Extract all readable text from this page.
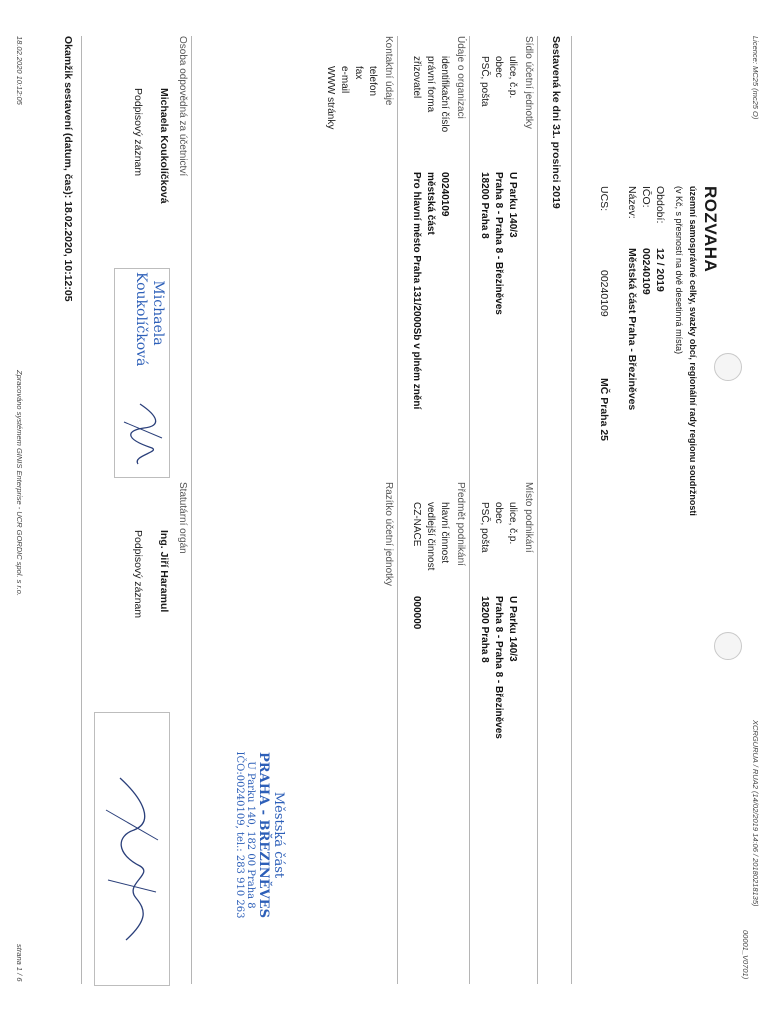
Licence: MC25 (mc25 O)
XCRGURUA / RUA2 (14/02/2019 14:06 / 20180218135)
00001_V0701)
ROZVAHA
územní samosprávné celky, svazky obcí, regionální rady regionu soudržnosti
(v Kč, s přesností na dvě desetinná místa)
Období:
12 / 2019
IČO:
00240109
Název:
Městská část Praha - Březiněves
UCS:
00240109
MČ Praha 25
Sestavená ke dni 31. prosinci 2019
Sídlo účetní jednotky
Místo podnikání
ulice, č.p.
U Parku 140/3
obec
Praha 8 - Praha 8 - Březiněves
PSČ, pošta
18200 Praha 8
ulice, č.p.
U Parku 140/3
obec
Praha 8 - Praha 8 - Březiněves
PSČ, pošta
18200 Praha 8
Údaje o organizaci
Předmět podnikání
identifikační číslo
00240109
právní forma
městská část
zřizovatel
Pro hlavní město Praha 131/2000Sb v plném znění
hlavní činnost
vedlejší činnost
CZ-NACE
000000
Kontaktní údaje
Razítko účetní jednotky
telefon
fax
e-mail
WWW stránky
Městská část
PRAHA - BŘEZINĚVES
U Parku 140, 182 00 Praha 8
IČO:00240109, tel.: 283 910 263
Osoba odpovědná za účetnictví
Statutární orgán
Michaela Koukolíčková
Podpisový záznam
Ing. Jiří Haramul
Podpisový záznam
Michaela
Koukolíčková
Okamžik sestavení (datum, čas): 18.02.2020, 10:12:05
18.02.2020 10:12:05
Zpracováno systémem GINIS Enterprise - UCR GORDIC spol. s r.o.
strana 1 / 6
